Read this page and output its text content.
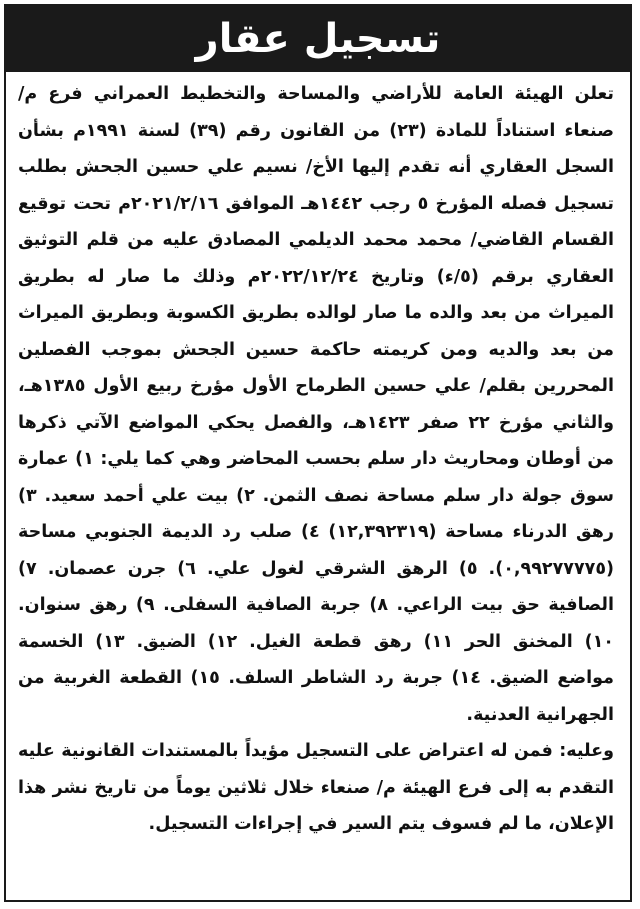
تسجيل عقار

تعلن الهيئة العامة للأراضي والمساحة والتخطيط العمراني فرع م/ صنعاء استناداً للمادة (٢٣) من القانون رقم (٣٩) لسنة ١٩٩١م بشأن السجل العقاري أنه تقدم إليها الأخ/ نسيم علي حسين الجحش بطلب تسجيل فصله المؤرخ ٥ رجب ١٤٤٢هـ الموافق ٢٠٢١/٢/١٦م تحت توقيع القسام القاضي/ محمد محمد الديلمي المصادق عليه من قلم التوثيق العقاري برقم (٥/ء) وتاريخ ٢٠٢٢/١٢/٢٤م وذلك ما صار له بطريق الميراث من بعد والده ما صار لوالده بطريق الكسوبة وبطريق الميراث من بعد والديه ومن كريمته حاكمة حسين الجحش بموجب الفصلين المحررين بقلم/ علي حسين الطرماح الأول مؤرخ ربيع الأول ١٣٨٥هـ، والثاني مؤرخ ٢٢ صفر ١٤٢٣هـ، والفصل يحكي المواضع الآتي ذكرها من أوطان ومحاريث دار سلم بحسب المحاضر وهي كما يلي: ١) عمارة سوق جولة دار سلم مساحة نصف الثمن. ٢) بيت علي أحمد سعيد. ٣) رهق الدرناء مساحة (١٢,٣٩٢٣١٩) ٤) صلب رد الديمة الجنوبي مساحة (٠,٩٩٢٧٧٧٧٥). ٥) الرهق الشرقي لغول علي. ٦) جرن عصمان. ٧) الصافية حق بيت الراعي. ٨) جربة الصافية السفلى. ٩) رهق سنوان. ١٠) المخنق الحر ١١) رهق قطعة الغيل. ١٢) الضيق. ١٣) الخسمة مواضع الضيق. ١٤) جربة رد الشاطر السلف. ١٥) القطعة الغربية من الجهرانية العدنية.

وعليه: فمن له اعتراض على التسجيل مؤيداً بالمستندات القانونية عليه التقدم به إلى فرع الهيئة م/ صنعاء خلال ثلاثين يوماً من تاريخ نشر هذا الإعلان، ما لم فسوف يتم السير في إجراءات التسجيل.
